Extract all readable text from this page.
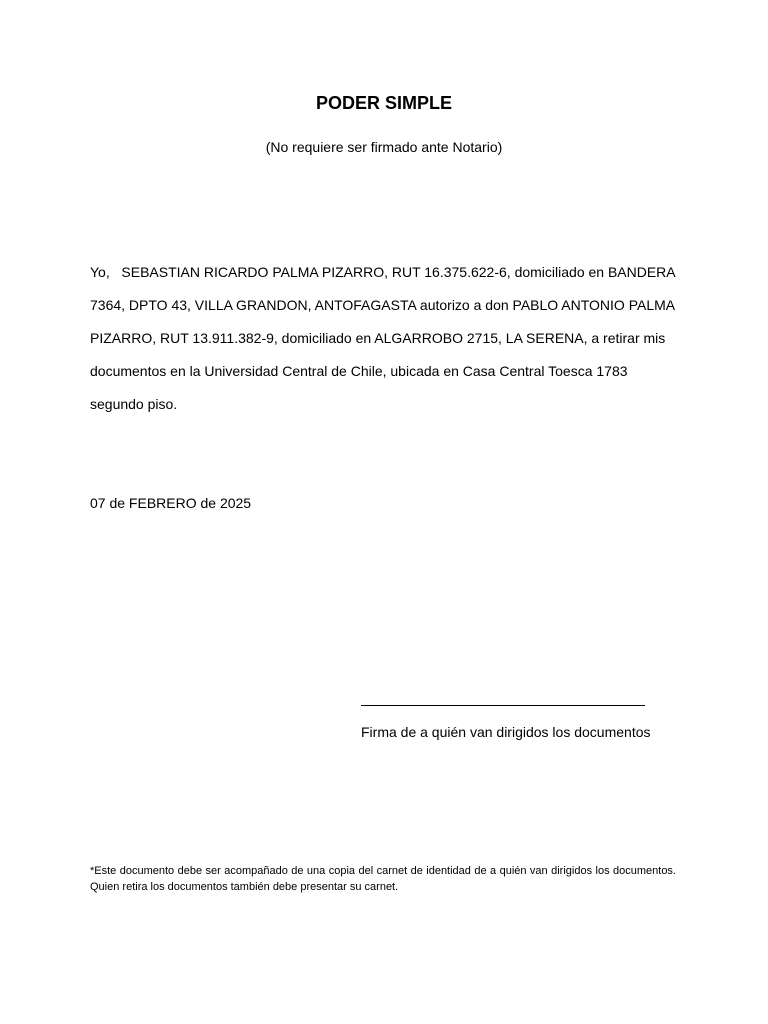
PODER SIMPLE

(No requiere ser firmado ante Notario)

Yo,   SEBASTIAN RICARDO PALMA PIZARRO, RUT 16.375.622-6, domiciliado en BANDERA
7364, DPTO 43, VILLA GRANDON, ANTOFAGASTA autorizo a don PABLO ANTONIO PALMA
PIZARRO, RUT 13.911.382-9, domiciliado en ALGARROBO 2715, LA SERENA, a retirar mis
documentos en la Universidad Central de Chile, ubicada en Casa Central Toesca 1783
segundo piso.

07 de FEBRERO de 2025

Firma de a quién van dirigidos los documentos

*Este documento debe ser acompañado de una copia del carnet de identidad de a quién van dirigidos los documentos. Quien retira los documentos también debe presentar su carnet.
